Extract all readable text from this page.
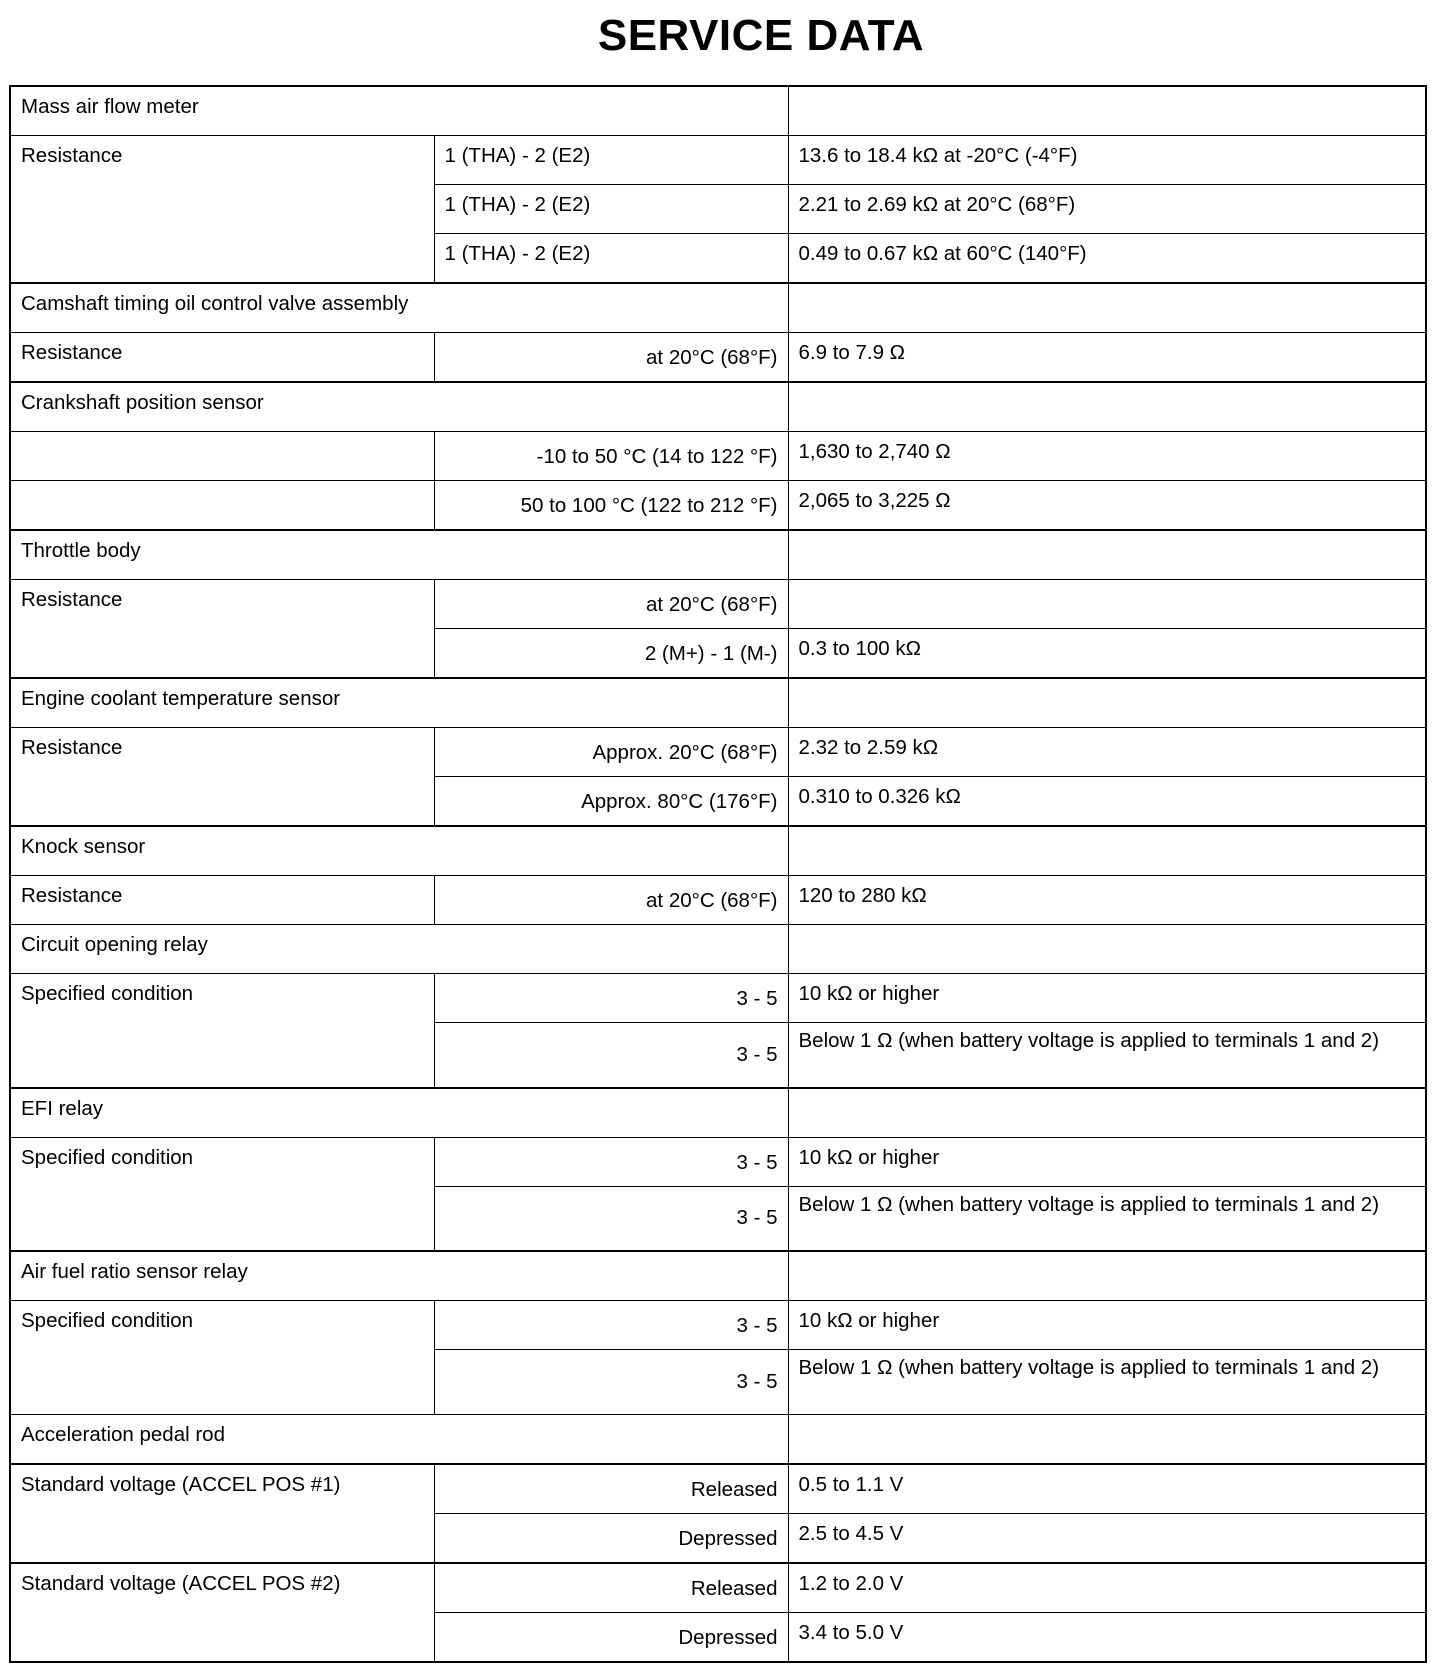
SERVICE DATA
Mass air flow meter		
Resistance	1 (THA) - 2 (E2)	13.6 to 18.4 kΩ at -20°C (-4°F)
	1 (THA) - 2 (E2)	2.21 to 2.69 kΩ at 20°C (68°F)
	1 (THA) - 2 (E2)	0.49 to 0.67 kΩ at 60°C (140°F)
Camshaft timing oil control valve assembly		
Resistance	at 20°C (68°F)	6.9 to 7.9 Ω
Crankshaft position sensor		
	-10 to 50 °C (14 to 122 °F)	1,630 to 2,740 Ω
	50 to 100 °C (122 to 212 °F)	2,065 to 3,225 Ω
Throttle body		
Resistance	at 20°C (68°F)	
	2 (M+) - 1 (M-)	0.3 to 100 kΩ
Engine coolant temperature sensor		
Resistance	Approx. 20°C (68°F)	2.32 to 2.59 kΩ
	Approx. 80°C (176°F)	0.310 to 0.326 kΩ
Knock sensor		
Resistance	at 20°C (68°F)	120 to 280 kΩ
Circuit opening relay		
Specified condition	3 - 5	10 kΩ or higher
	3 - 5	Below 1 Ω (when battery voltage is applied to terminals 1 and 2)
EFI relay		
Specified condition	3 - 5	10 kΩ or higher
	3 - 5	Below 1 Ω (when battery voltage is applied to terminals 1 and 2)
Air fuel ratio sensor relay		
Specified condition	3 - 5	10 kΩ or higher
	3 - 5	Below 1 Ω (when battery voltage is applied to terminals 1 and 2)
Acceleration pedal rod		
Standard voltage (ACCEL POS #1)	Released	0.5 to 1.1 V
	Depressed	2.5 to 4.5 V
Standard voltage (ACCEL POS #2)	Released	1.2 to 2.0 V
	Depressed	3.4 to 5.0 V
